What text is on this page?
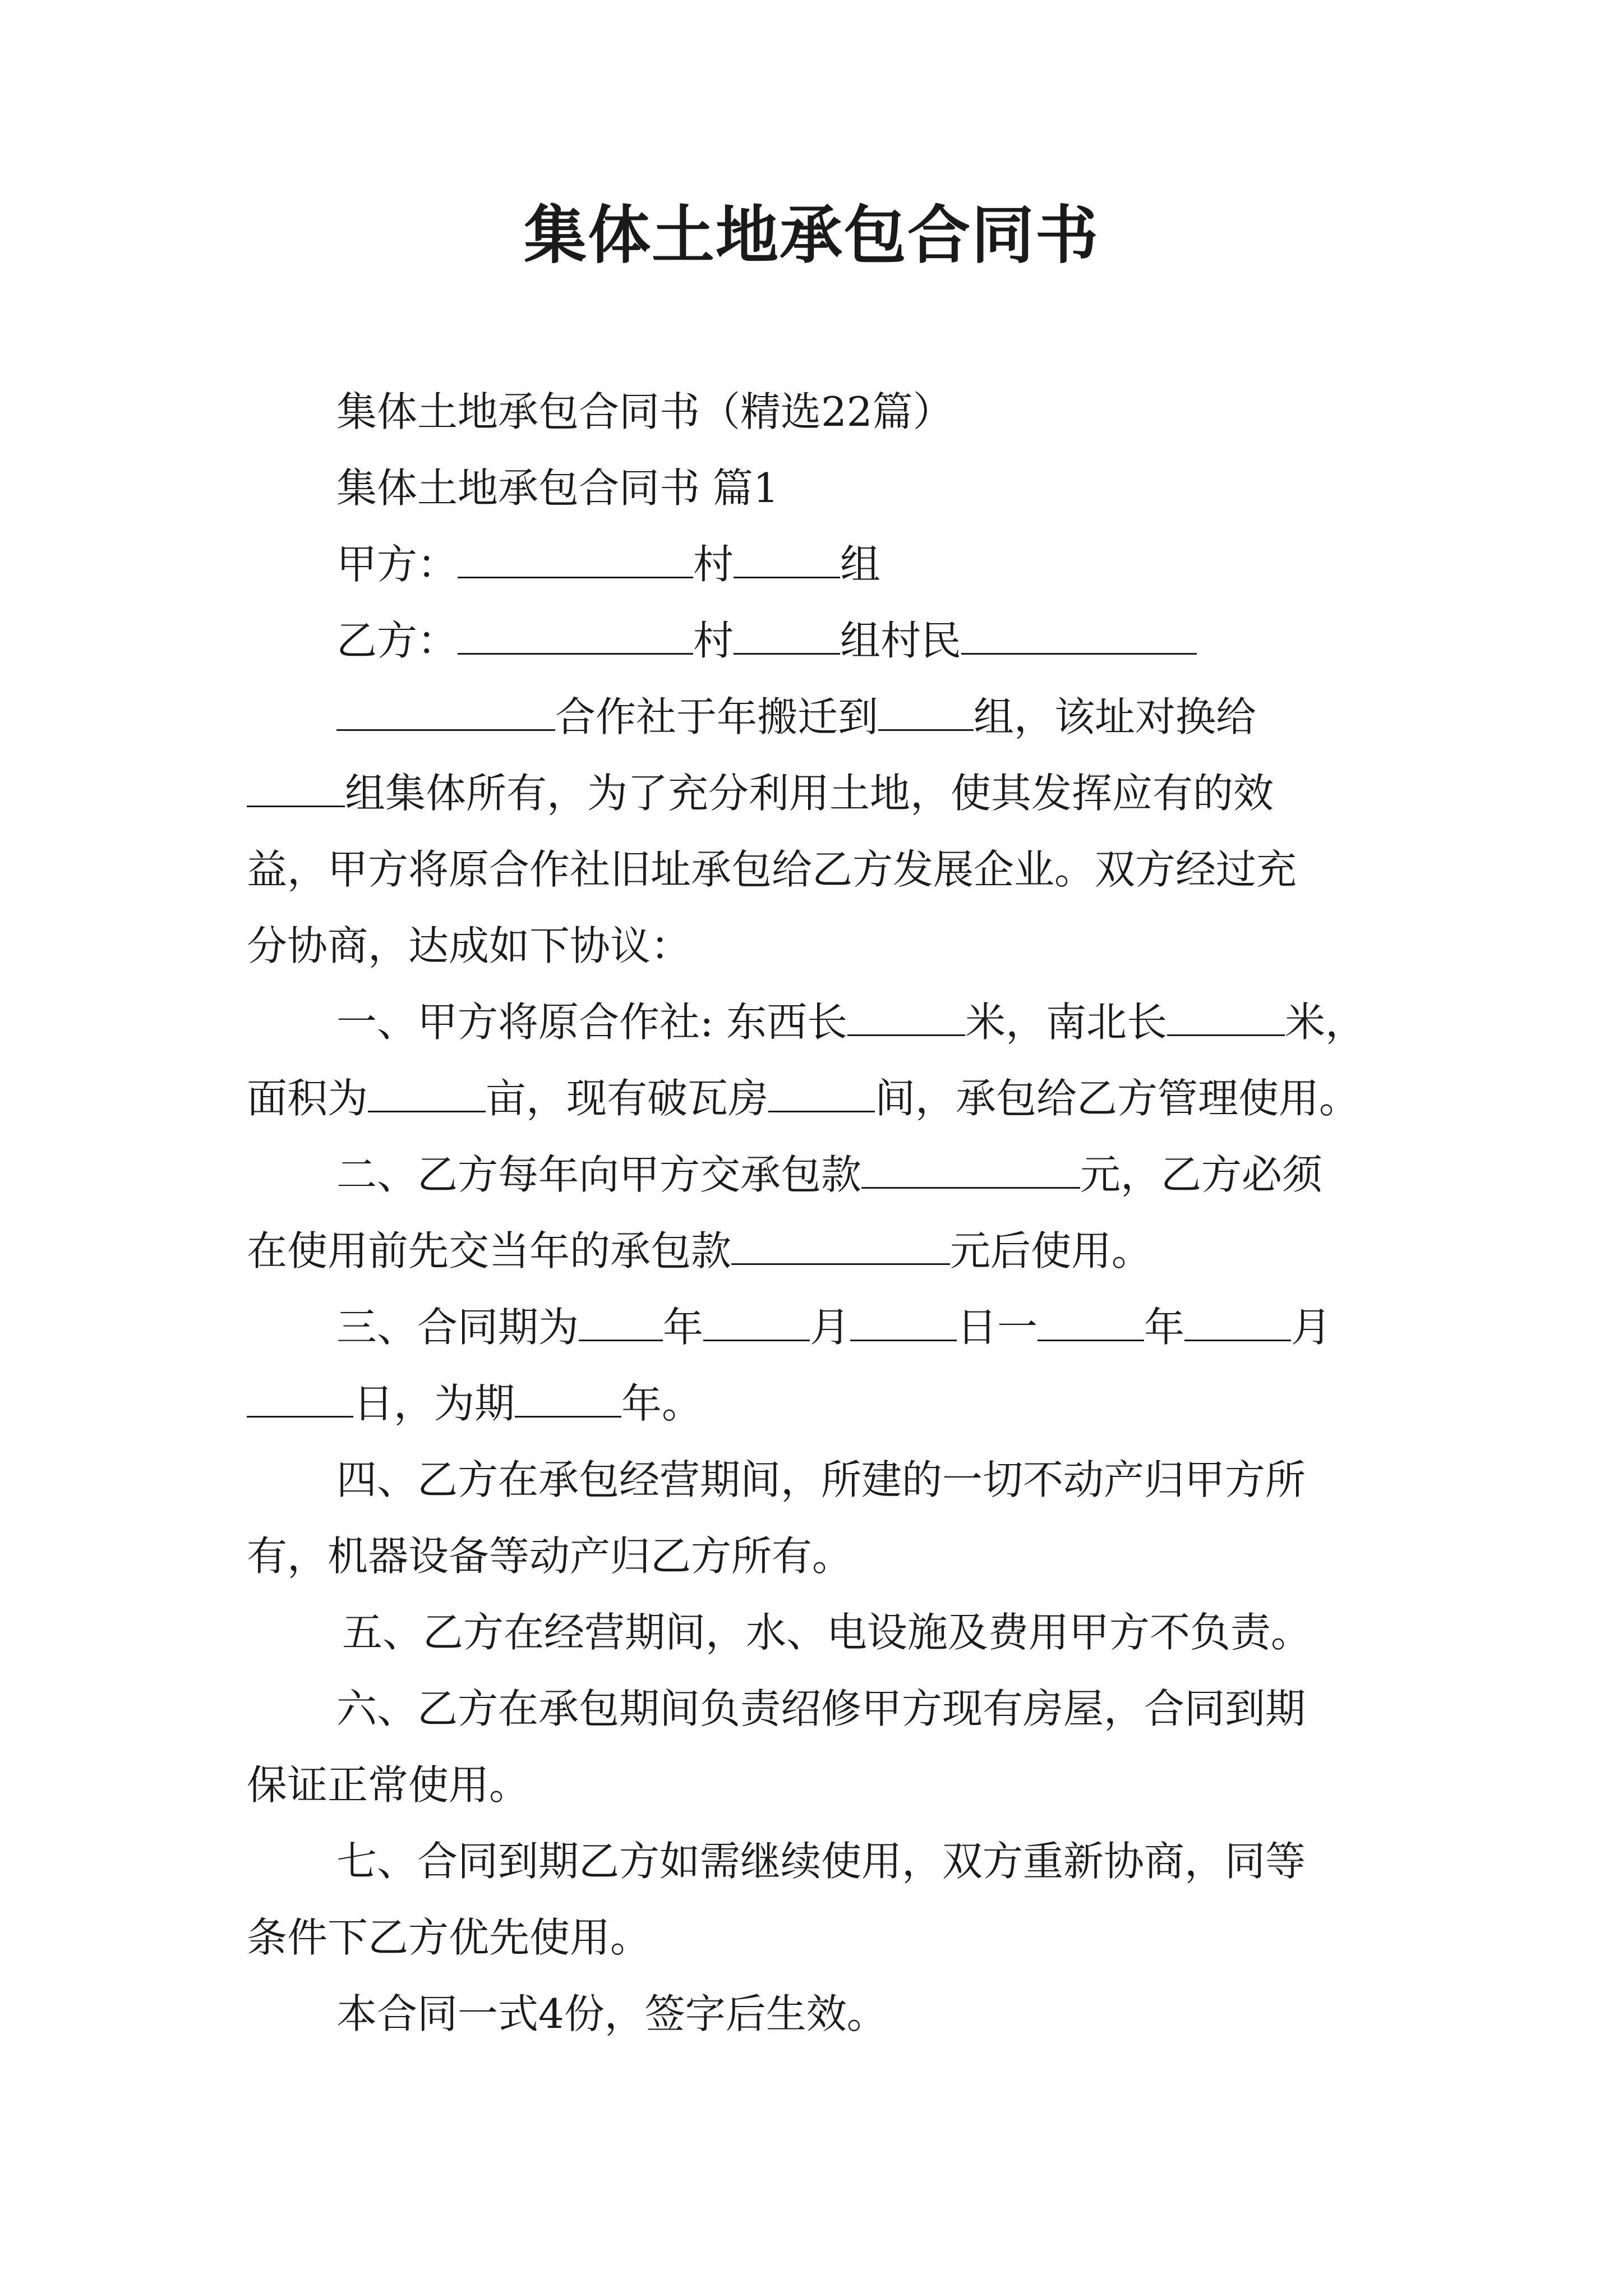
集体土地承包合同书
集体土地承包合同书（精选22篇）
集体土地承包合同书 篇1
甲方：	村	组
乙方：	村	组村民
合作社于年搬迁到 组，该址对换给
组集体所有，为了充分利用土地，使其发挥应有的效
益，甲方将原合作社旧址承包给乙方发展企业。双方经过充
分协商，达成如下协议：
一、甲方将原合作社: 东西长	米，南北长	米，
面积为	亩，现有破瓦房	间，承包给乙方管理使用。
二、乙方每年向甲方交承包款	元，乙方必须
在使用前先交当年的承包款	元后使用。
三、合同期为 年	月	日一	年	月
日，为期	年。
四、乙方在承包经营期间，所建的一切不动产归甲方所
有，机器设备等动产归乙方所有。
五、乙方在经营期间，水、电设施及费用甲方不负责。
六、乙方在承包期间负责绍修甲方现有房屋，合同到期
保证正常使用。
七、合同到期乙方如需继续使用，双方重新协商，同等
条件下乙方优先使用。
本合同一式4份，签字后生效。
